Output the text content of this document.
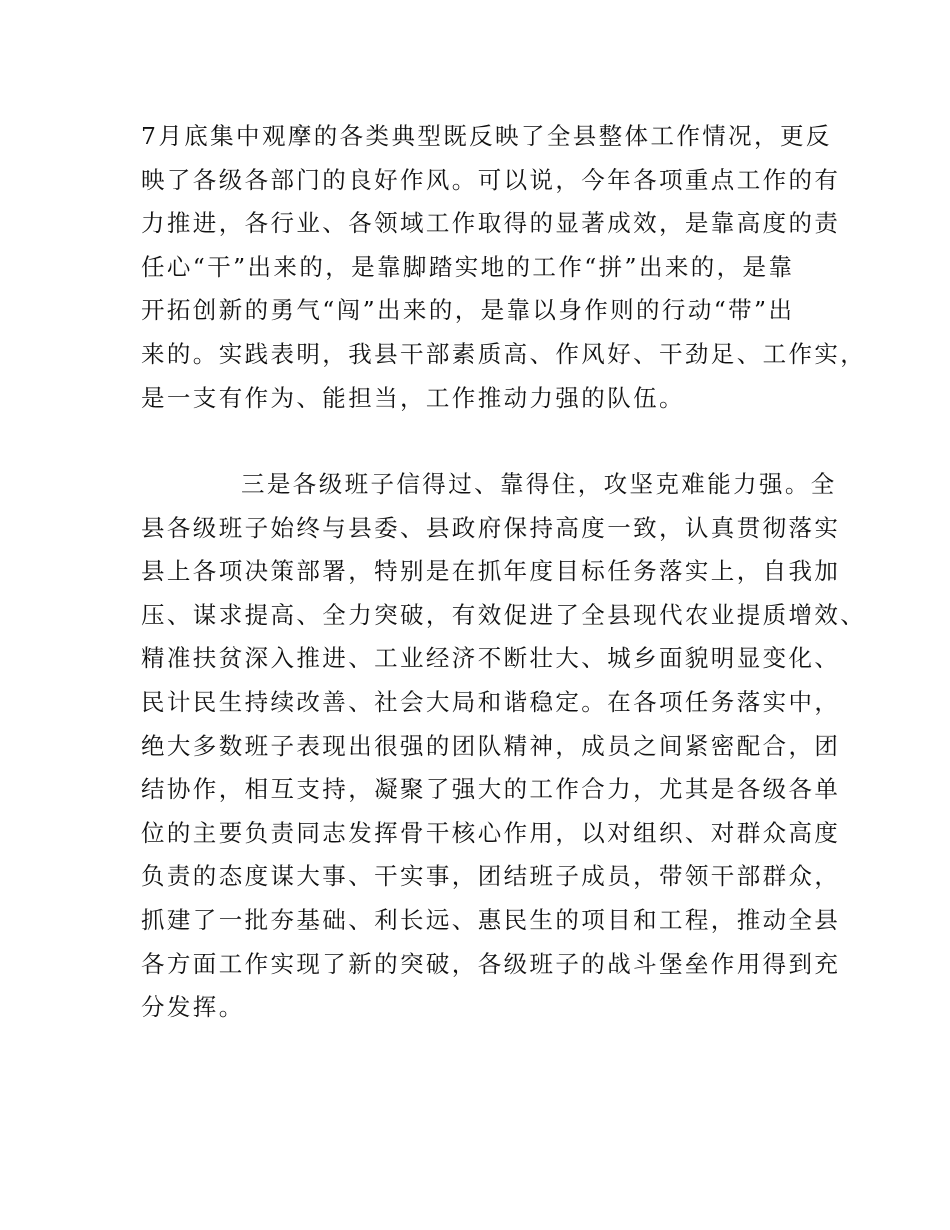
7月底集中观摩的各类典型既反映了全县整体工作情况，更反
映了各级各部门的良好作风。可以说，今年各项重点工作的有
力推进，各行业、各领域工作取得的显著成效，是靠高度的责
任心“干”出来的，是靠脚踏实地的工作“拼”出来的，是靠
开拓创新的勇气“闯”出来的，是靠以身作则的行动“带”出
来的。实践表明，我县干部素质高、作风好、干劲足、工作实，
是一支有作为、能担当，工作推动力强的队伍。
三是各级班子信得过、靠得住，攻坚克难能力强。全
县各级班子始终与县委、县政府保持高度一致，认真贯彻落实
县上各项决策部署，特别是在抓年度目标任务落实上，自我加
压、谋求提高、全力突破，有效促进了全县现代农业提质增效、
精准扶贫深入推进、工业经济不断壮大、城乡面貌明显变化、
民计民生持续改善、社会大局和谐稳定。在各项任务落实中，
绝大多数班子表现出很强的团队精神，成员之间紧密配合，团
结协作，相互支持，凝聚了强大的工作合力，尤其是各级各单
位的主要负责同志发挥骨干核心作用，以对组织、对群众高度
负责的态度谋大事、干实事，团结班子成员，带领干部群众，
抓建了一批夯基础、利长远、惠民生的项目和工程，推动全县
各方面工作实现了新的突破，各级班子的战斗堡垒作用得到充
分发挥。
